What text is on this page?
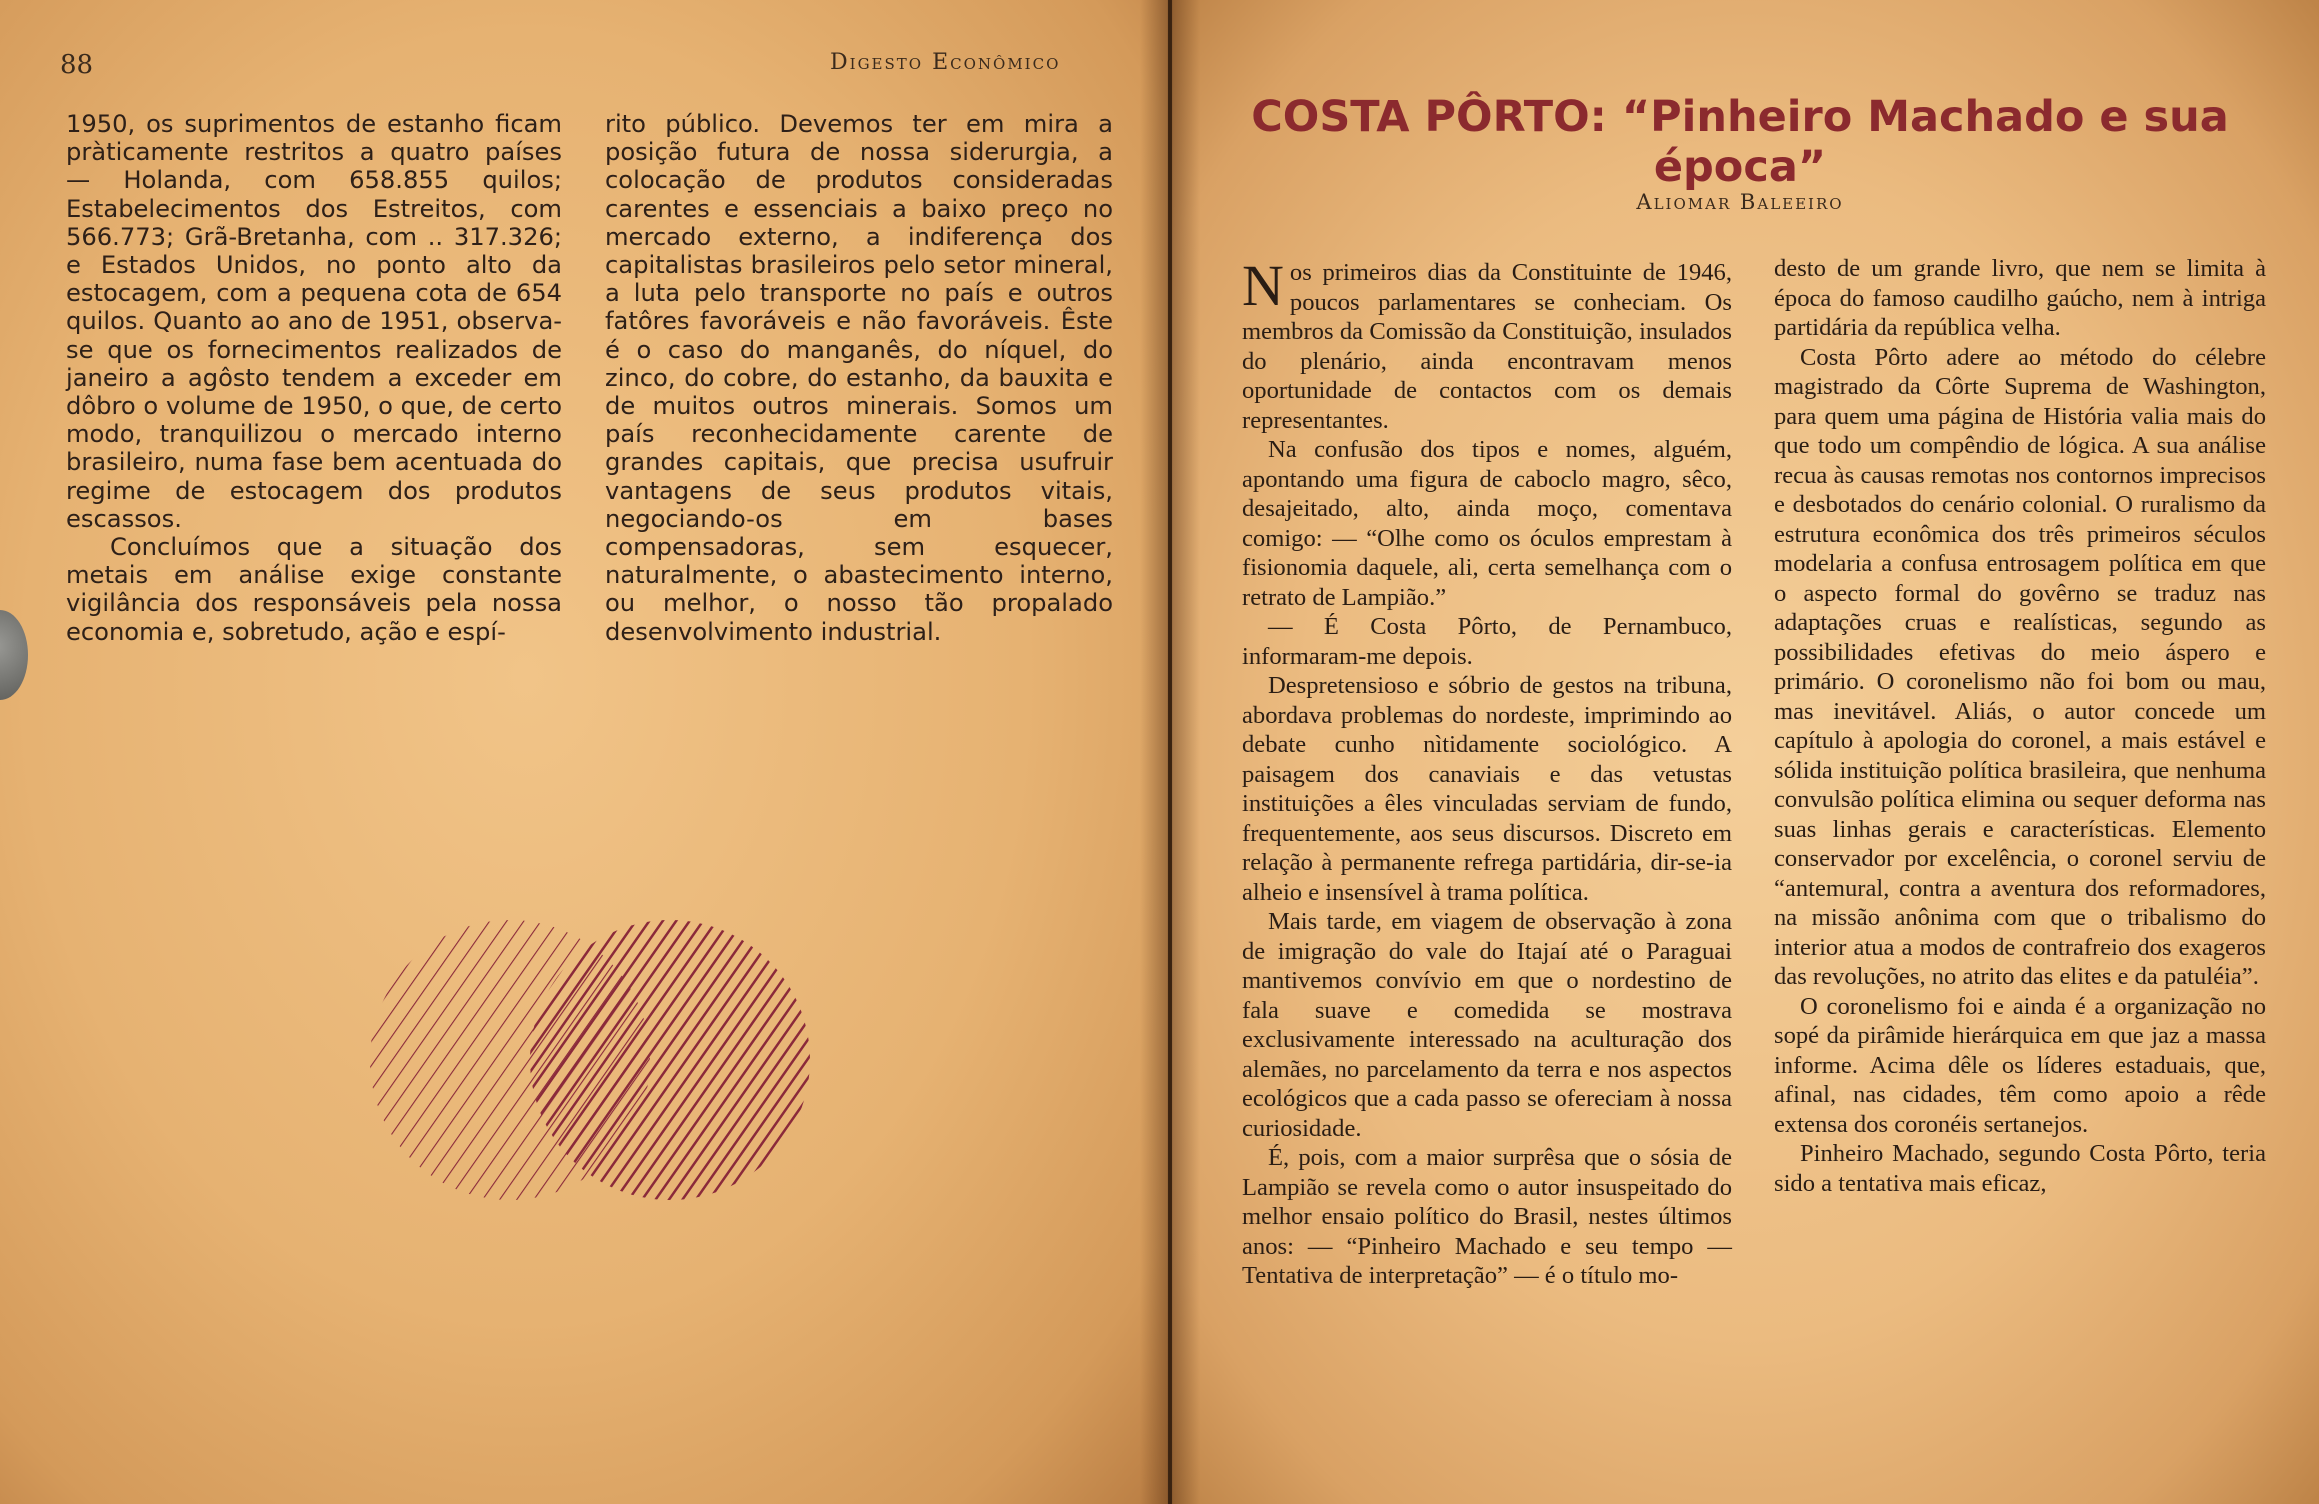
88	Digesto Econômico

1950, os suprimentos de estanho ficam pràticamente restritos a quatro países — Holanda, com 658.855 quilos; Estabelecimentos dos Estreitos, com 566.773; Grã-Bretanha, com .. 317.326; e Estados Unidos, no ponto alto da estocagem, com a pequena cota de 654 quilos. Quanto ao ano de 1951, observa-se que os fornecimentos realizados de janeiro a agôsto tendem a exceder em dôbro o volume de 1950, o que, de certo modo, tranquilizou o mercado interno brasileiro, numa fase bem acentuada do regime de estocagem dos produtos escassos.

Concluímos que a situação dos metais em análise exige constante vigilância dos responsáveis pela nossa economia e, sobretudo, ação e espí-

rito público. Devemos ter em mira a posição futura de nossa siderurgia, a colocação de produtos consideradas carentes e essenciais a baixo preço no mercado externo, a indiferença dos capitalistas brasileiros pelo setor mineral, a luta pelo transporte no país e outros fatôres favoráveis e não favoráveis. Êste é o caso do manganês, do níquel, do zinco, do cobre, do estanho, da bauxita e de muitos outros minerais. Somos um país reconhecidamente carente de grandes capitais, que precisa usufruir vantagens de seus produtos vitais, negociando-os em bases compensadoras, sem esquecer, naturalmente, o abastecimento interno, ou melhor, o nosso tão propalado desenvolvimento industrial.

COSTA PÔRTO: “Pinheiro Machado e sua época”
Aliomar Baleeiro

Nos primeiros dias da Constituinte de 1946, poucos parlamentares se conheciam. Os membros da Comissão da Constituição, insulados do plenário, ainda encontravam menos oportunidade de contactos com os demais representantes.

Na confusão dos tipos e nomes, alguém, apontando uma figura de caboclo magro, sêco, desajeitado, alto, ainda moço, comentava comigo: — “Olhe como os óculos emprestam à fisionomia daquele, ali, certa semelhança com o retrato de Lampião.”

— É Costa Pôrto, de Pernambuco, informaram-me depois.

Despretensioso e sóbrio de gestos na tribuna, abordava problemas do nordeste, imprimindo ao debate cunho nìtidamente sociológico. A paisagem dos canaviais e das vetustas instituições a êles vinculadas serviam de fundo, frequentemente, aos seus discursos. Discreto em relação à permanente refrega partidária, dir-se-ia alheio e insensível à trama política.

Mais tarde, em viagem de observação à zona de imigração do vale do Itajaí até o Paraguai mantivemos convívio em que o nordestino de fala suave e comedida se mostrava exclusivamente interessado na aculturação dos alemães, no parcelamento da terra e nos aspectos ecológicos que a cada passo se ofereciam à nossa curiosidade.

É, pois, com a maior surprêsa que o sósia de Lampião se revela como o autor insuspeitado do melhor ensaio político do Brasil, nestes últimos anos: — “Pinheiro Machado e seu tempo — Tentativa de interpretação” — é o título mo-

desto de um grande livro, que nem se limita à época do famoso caudilho gaúcho, nem à intriga partidária da república velha.

Costa Pôrto adere ao método do célebre magistrado da Côrte Suprema de Washington, para quem uma página de História valia mais do que todo um compêndio de lógica. A sua análise recua às causas remotas nos contornos imprecisos e desbotados do cenário colonial. O ruralismo da estrutura econômica dos três primeiros séculos modelaria a confusa entrosagem política em que o aspecto formal do govêrno se traduz nas adaptações cruas e realísticas, segundo as possibilidades efetivas do meio áspero e primário. O coronelismo não foi bom ou mau, mas inevitável. Aliás, o autor concede um capítulo à apologia do coronel, a mais estável e sólida instituição política brasileira, que nenhuma convulsão política elimina ou sequer deforma nas suas linhas gerais e características. Elemento conservador por excelência, o coronel serviu de “antemural, contra a aventura dos reformadores, na missão anônima com que o tribalismo do interior atua a modos de contrafreio dos exageros das revoluções, no atrito das elites e da patuléia”.

O coronelismo foi e ainda é a organização no sopé da pirâmide hierárquica em que jaz a massa informe. Acima dêle os líderes estaduais, que, afinal, nas cidades, têm como apoio a rêde extensa dos coronéis sertanejos.

Pinheiro Machado, segundo Costa Pôrto, teria sido a tentativa mais eficaz,
